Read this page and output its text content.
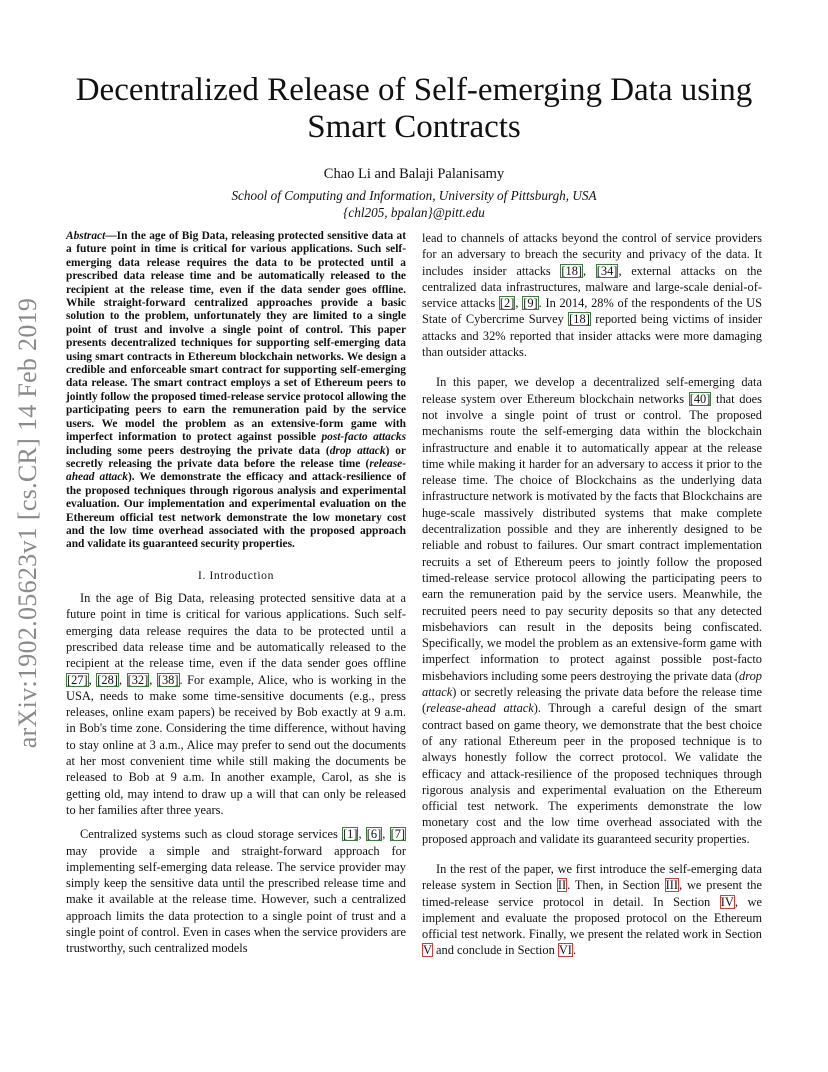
arXiv:1902.05623v1 [cs.CR] 14 Feb 2019
Decentralized Release of Self-emerging Data using Smart Contracts
Chao Li and Balaji Palanisamy
School of Computing and Information, University of Pittsburgh, USA
{chl205, bpalan}@pitt.edu

Abstract—In the age of Big Data, releasing protected sensitive data at a future point in time is critical for various applications. Such self-emerging data release requires the data to be protected until a prescribed data release time and be automatically released to the recipient at the release time, even if the data sender goes offline. While straight-forward centralized approaches provide a basic solution to the problem, unfortunately they are limited to a single point of trust and involve a single point of control. This paper presents decentralized techniques for supporting self-emerging data using smart contracts in Ethereum blockchain networks. We design a credible and enforceable smart contract for supporting self-emerging data release. The smart contract employs a set of Ethereum peers to jointly follow the proposed timed-release service protocol allowing the participating peers to earn the remuneration paid by the service users. We model the problem as an extensive-form game with imperfect information to protect against possible post-facto attacks including some peers destroying the private data (drop attack) or secretly releasing the private data before the release time (release-ahead attack). We demonstrate the efficacy and attack-resilience of the proposed techniques through rigorous analysis and experimental evaluation. Our implementation and experimental evaluation on the Ethereum official test network demonstrate the low monetary cost and the low time overhead associated with the proposed approach and validate its guaranteed security properties.

I. Introduction

In the age of Big Data, releasing protected sensitive data at a future point in time is critical for various applications. Such self-emerging data release requires the data to be protected until a prescribed data release time and be automatically released to the recipient at the release time, even if the data sender goes offline [27], [28], [32], [38]. For example, Alice, who is working in the USA, needs to make some time-sensitive documents (e.g., press releases, online exam papers) be received by Bob exactly at 9 a.m. in Bob's time zone. Considering the time difference, without having to stay online at 3 a.m., Alice may prefer to send out the documents at her most convenient time while still making the documents be released to Bob at 9 a.m. In another example, Carol, as she is getting old, may intend to draw up a will that can only be released to her families after three years.

Centralized systems such as cloud storage services [1], [6], [7] may provide a simple and straight-forward approach for implementing self-emerging data release. The service provider may simply keep the sensitive data until the prescribed release time and make it available at the release time. However, such a centralized approach limits the data protection to a single point of trust and a single point of control. Even in cases when the service providers are trustworthy, such centralized models

lead to channels of attacks beyond the control of service providers for an adversary to breach the security and privacy of the data. It includes insider attacks [18], [34], external attacks on the centralized data infrastructures, malware and large-scale denial-of-service attacks [2], [9]. In 2014, 28% of the respondents of the US State of Cybercrime Survey [18] reported being victims of insider attacks and 32% reported that insider attacks were more damaging than outsider attacks.

In this paper, we develop a decentralized self-emerging data release system over Ethereum blockchain networks [40] that does not involve a single point of trust or control. The proposed mechanisms route the self-emerging data within the blockchain infrastructure and enable it to automatically appear at the release time while making it harder for an adversary to access it prior to the release time. The choice of Blockchains as the underlying data infrastructure network is motivated by the facts that Blockchains are huge-scale massively distributed systems that make complete decentralization possible and they are inherently designed to be reliable and robust to failures. Our smart contract implementation recruits a set of Ethereum peers to jointly follow the proposed timed-release service protocol allowing the participating peers to earn the remuneration paid by the service users. Meanwhile, the recruited peers need to pay security deposits so that any detected misbehaviors can result in the deposits being confiscated. Specifically, we model the problem as an extensive-form game with imperfect information to protect against possible post-facto misbehaviors including some peers destroying the private data (drop attack) or secretly releasing the private data before the release time (release-ahead attack). Through a careful design of the smart contract based on game theory, we demonstrate that the best choice of any rational Ethereum peer in the proposed technique is to always honestly follow the correct protocol. We validate the efficacy and attack-resilience of the proposed techniques through rigorous analysis and experimental evaluation on the Ethereum official test network. The experiments demonstrate the low monetary cost and the low time overhead associated with the proposed approach and validate its guaranteed security properties.

In the rest of the paper, we first introduce the self-emerging data release system in Section II. Then, in Section III, we present the timed-release service protocol in detail. In Section IV, we implement and evaluate the proposed protocol on the Ethereum official test network. Finally, we present the related work in Section V and conclude in Section VI.
